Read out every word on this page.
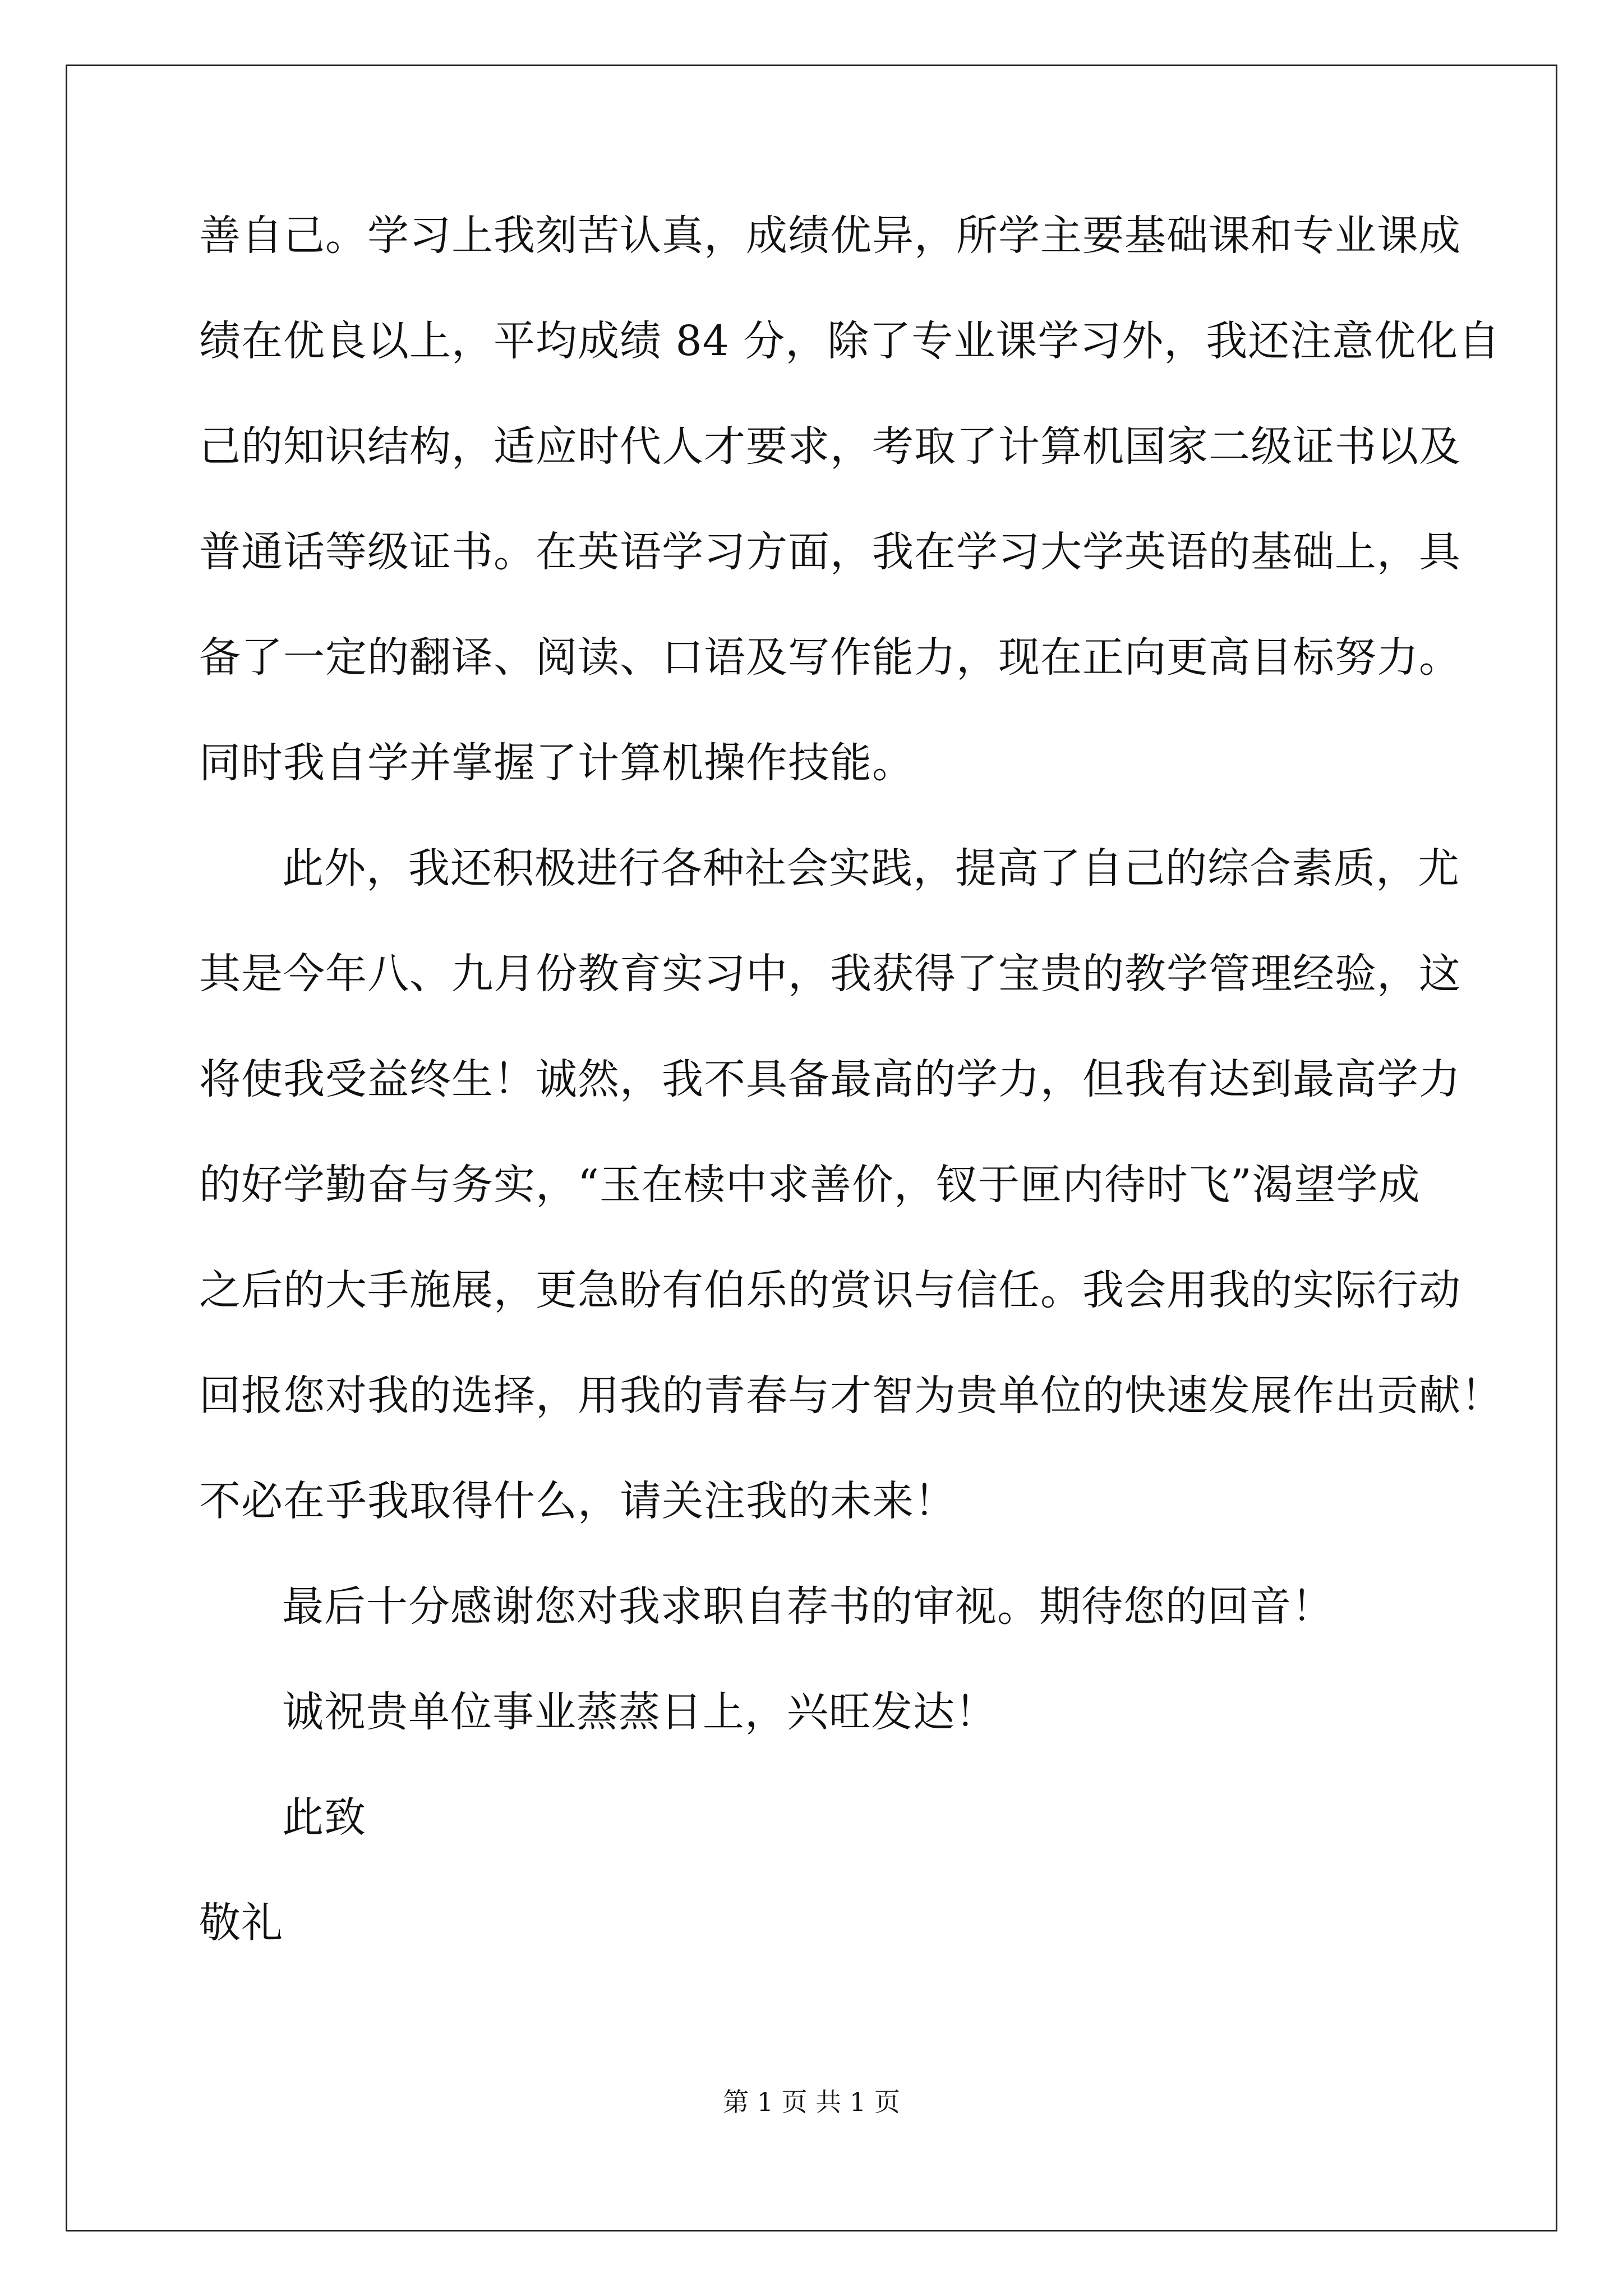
善自己。学习上我刻苦认真，成绩优异，所学主要基础课和专业课成
绩在优良以上，平均成绩 84 分，除了专业课学习外，我还注意优化自
己的知识结构，适应时代人才要求，考取了计算机国家二级证书以及
普通话等级证书。在英语学习方面，我在学习大学英语的基础上，具
备了一定的翻译、阅读、口语及写作能力，现在正向更高目标努力。
同时我自学并掌握了计算机操作技能。
此外，我还积极进行各种社会实践，提高了自己的综合素质，尤
其是今年八、九月份教育实习中，我获得了宝贵的教学管理经验，这
将使我受益终生！诚然，我不具备最高的学力，但我有达到最高学力
的好学勤奋与务实，“玉在椟中求善价，钗于匣内待时飞”渴望学成
之后的大手施展，更急盼有伯乐的赏识与信任。我会用我的实际行动
回报您对我的选择，用我的青春与才智为贵单位的快速发展作出贡献！
不必在乎我取得什么，请关注我的未来！
最后十分感谢您对我求职自荐书的审视。期待您的回音！
诚祝贵单位事业蒸蒸日上，兴旺发达！
此致
敬礼
第 1 页 共 1 页
